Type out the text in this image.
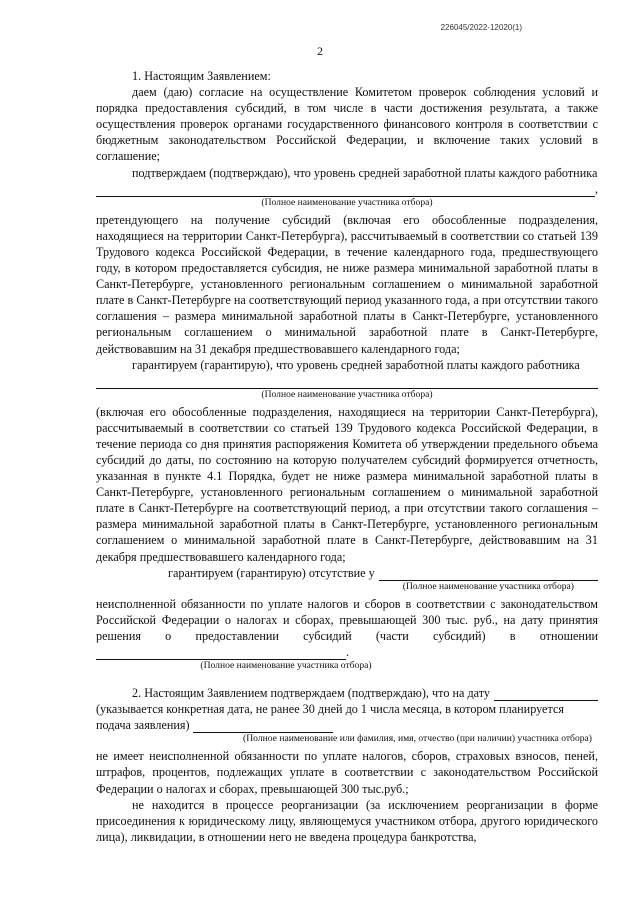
226045/2022-12020(1)
2

1. Настоящим Заявлением:

даем (даю) согласие на осуществление Комитетом проверок соблюдения условий и порядка предоставления субсидий, в том числе в части достижения результата, а также осуществления проверок органами государственного финансового контроля в соответствии с бюджетным законодательством Российской Федерации, и включение таких условий в соглашение;

подтверждаем (подтверждаю), что уровень средней заработной платы каждого работника

,
(Полное наименование участника отбора)

претендующего на получение субсидий (включая его обособленные подразделения, находящиеся на территории Санкт-Петербурга), рассчитываемый в соответствии со статьей 139 Трудового кодекса Российской Федерации, в течение календарного года, предшествующего году, в котором предоставляется субсидия, не ниже размера минимальной заработной платы в Санкт-Петербурге, установленного региональным соглашением о минимальной заработной плате в Санкт-Петербурге на соответствующий период указанного года, а при отсутствии такого соглашения – размера минимальной заработной платы в Санкт-Петербурге, установленного региональным соглашением о минимальной заработной плате в Санкт-Петербурге, действовавшим на 31 декабря предшествовавшего календарного года;

гарантируем (гарантирую), что уровень средней заработной платы каждого работника

(Полное наименование участника отбора)

(включая его обособленные подразделения, находящиеся на территории Санкт-Петербурга), рассчитываемый в соответствии со статьей 139 Трудового кодекса Российской Федерации, в течение периода со дня принятия распоряжения Комитета об утверждении предельного объема субсидий до даты, по состоянию на которую получателем субсидий формируется отчетность, указанная в пункте 4.1 Порядка, будет не ниже размера минимальной заработной платы в Санкт-Петербурге, установленного региональным соглашением о минимальной заработной плате в Санкт-Петербурге на соответствующий период, а при отсутствии такого соглашения – размера минимальной заработной платы в Санкт-Петербурге, установленного региональным соглашением о минимальной заработной плате в Санкт-Петербурге, действовавшим на 31 декабря предшествовавшего календарного года;

гарантируем (гарантирую) отсутствие у
(Полное наименование участника отбора)

неисполненной обязанности по уплате налогов и сборов в соответствии с законодательством Российской Федерации о налогах и сборах, превышающей 300 тыс. руб., на дату принятия решения о предоставлении субсидий (части субсидий) в отношении .

(Полное наименование участника отбора)
2. Настоящим Заявлением подтверждаем (подтверждаю), что на дату

(указывается конкретная дата, не ранее 30 дней до 1 числа месяца, в котором планируется подача заявления)

(Полное наименование или фамилия, имя, отчество (при наличии) участника отбора)

не имеет неисполненной обязанности по уплате налогов, сборов, страховых взносов, пеней, штрафов, процентов, подлежащих уплате в соответствии с законодательством Российской Федерации о налогах и сборах, превышающей 300 тыс.руб.;

не находится в процессе реорганизации (за исключением реорганизации в форме присоединения к юридическому лицу, являющемуся участником отбора, другого юридического лица), ликвидации, в отношении него не введена процедура банкротства,
